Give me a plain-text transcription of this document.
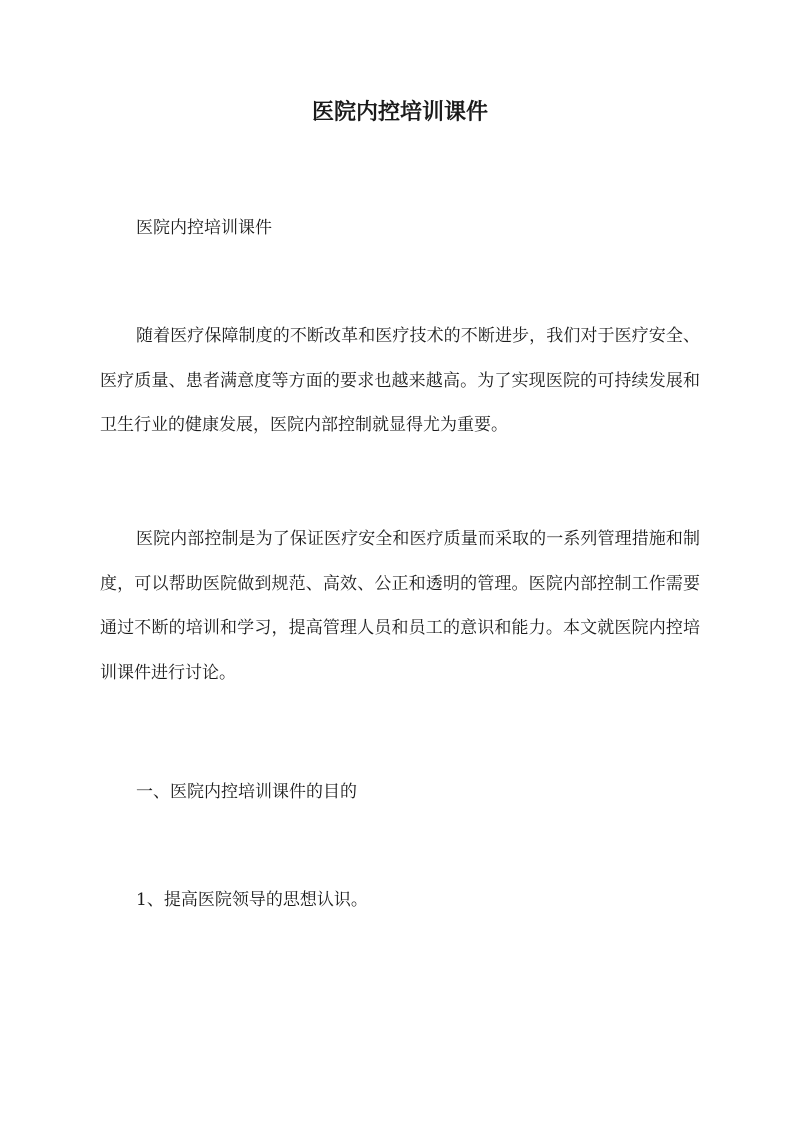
医院内控培训课件

医院内控培训课件

随着医疗保障制度的不断改革和医疗技术的不断进步，我们对于医疗安全、医疗质量、患者满意度等方面的要求也越来越高。为了实现医院的可持续发展和卫生行业的健康发展，医院内部控制就显得尤为重要。

医院内部控制是为了保证医疗安全和医疗质量而采取的一系列管理措施和制度，可以帮助医院做到规范、高效、公正和透明的管理。医院内部控制工作需要通过不断的培训和学习，提高管理人员和员工的意识和能力。本文就医院内控培训课件进行讨论。

一、医院内控培训课件的目的

1、提高医院领导的思想认识。
